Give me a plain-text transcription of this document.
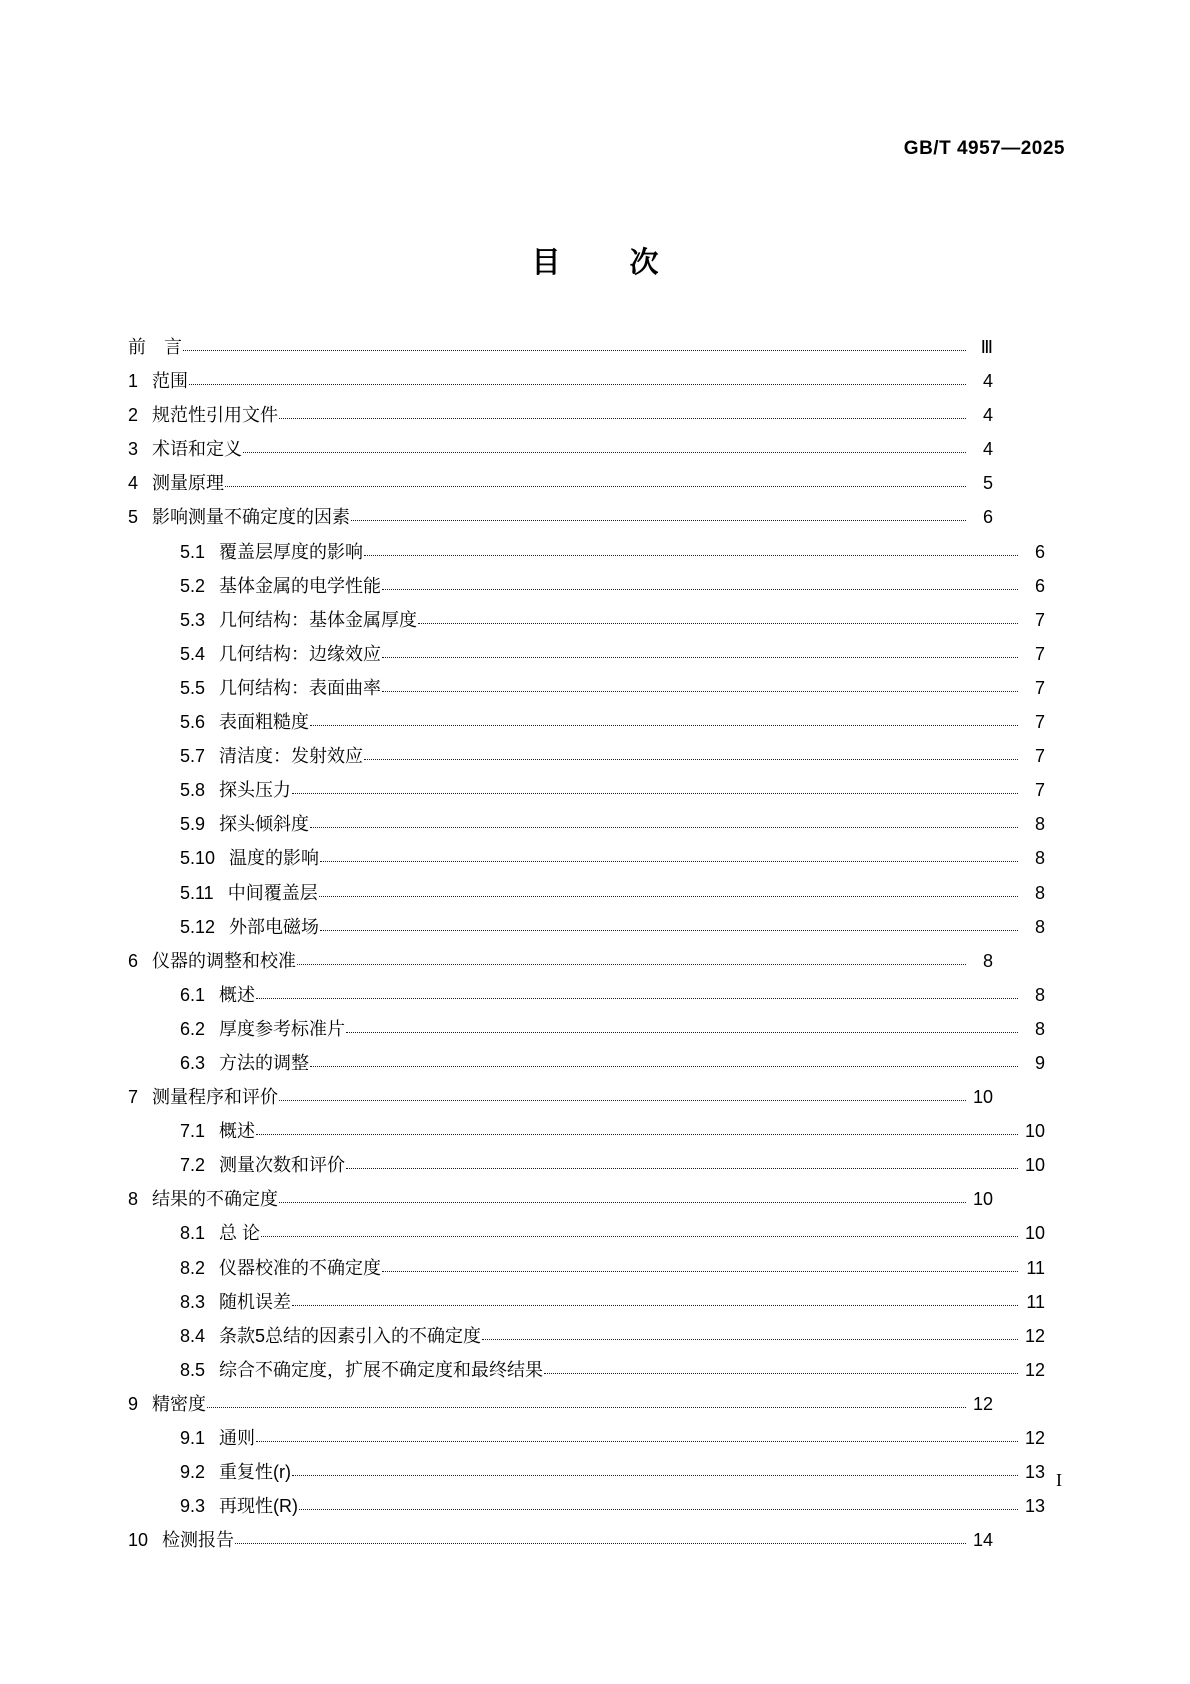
GB/T 4957—2025
目　次
前　言	Ⅲ
1 范围	4
2 规范性引用文件	4
3 术语和定义	4
4 测量原理	5
5 影响测量不确定度的因素	6
5.1 覆盖层厚度的影响	6
5.2 基体金属的电学性能	6
5.3 几何结构：基体金属厚度	7
5.4 几何结构：边缘效应	7
5.5 几何结构：表面曲率	7
5.6 表面粗糙度	7
5.7 清洁度：发射效应	7
5.8 探头压力	7
5.9 探头倾斜度	8
5.10 温度的影响	8
5.11 中间覆盖层	8
5.12 外部电磁场	8
6 仪器的调整和校准	8
6.1 概述	8
6.2 厚度参考标准片	8
6.3 方法的调整	9
7 测量程序和评价	10
7.1 概述	10
7.2 测量次数和评价	10
8 结果的不确定度	10
8.1 总 论	10
8.2 仪器校准的不确定度	11
8.3 随机误差	11
8.4 条款5总结的因素引入的不确定度	12
8.5 综合不确定度，扩展不确定度和最终结果	12
9 精密度	12
9.1 通则	12
9.2 重复性(r)	13
9.3 再现性(R)	13
10 检测报告	14
I
